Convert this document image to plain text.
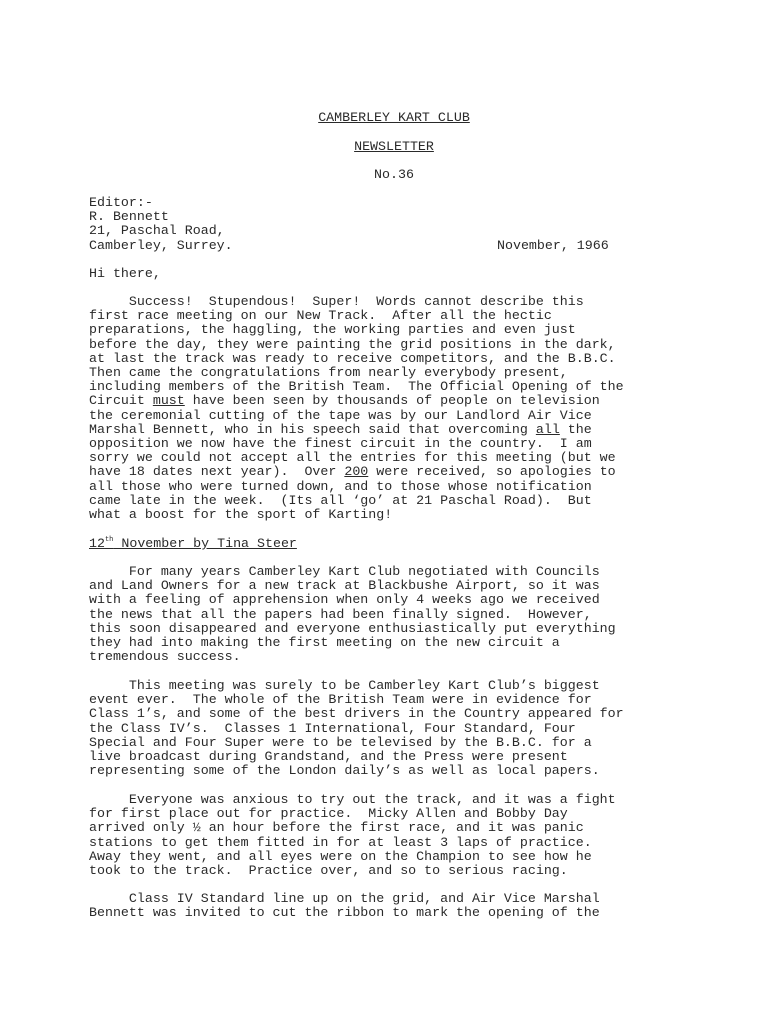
CAMBERLEY KART CLUB
NEWSLETTER
No.36
Editor:-
R. Bennett
21, Paschal Road,
Camberley, Surrey.	November, 1966
Hi there,
Success!  Stupendous!  Super!  Words cannot describe this
first race meeting on our New Track.  After all the hectic
preparations, the haggling, the working parties and even just
before the day, they were painting the grid positions in the dark,
at last the track was ready to receive competitors, and the B.B.C.
Then came the congratulations from nearly everybody present,
including members of the British Team.  The Official Opening of the
Circuit must have been seen by thousands of people on television
the ceremonial cutting of the tape was by our Landlord Air Vice
Marshal Bennett, who in his speech said that overcoming all the
opposition we now have the finest circuit in the country.  I am
sorry we could not accept all the entries for this meeting (but we
have 18 dates next year).  Over 200 were received, so apologies to
all those who were turned down, and to those whose notification
came late in the week.  (Its all ‘go’ at 21 Paschal Road).  But
what a boost for the sport of Karting!
12th November by Tina Steer
For many years Camberley Kart Club negotiated with Councils
and Land Owners for a new track at Blackbushe Airport, so it was
with a feeling of apprehension when only 4 weeks ago we received
the news that all the papers had been finally signed.  However,
this soon disappeared and everyone enthusiastically put everything
they had into making the first meeting on the new circuit a
tremendous success.
This meeting was surely to be Camberley Kart Club’s biggest
event ever.  The whole of the British Team were in evidence for
Class 1’s, and some of the best drivers in the Country appeared for
the Class IV’s.  Classes 1 International, Four Standard, Four
Special and Four Super were to be televised by the B.B.C. for a
live broadcast during Grandstand, and the Press were present
representing some of the London daily’s as well as local papers.
Everyone was anxious to try out the track, and it was a fight
for first place out for practice.  Micky Allen and Bobby Day
arrived only ½ an hour before the first race, and it was panic
stations to get them fitted in for at least 3 laps of practice.
Away they went, and all eyes were on the Champion to see how he
took to the track.  Practice over, and so to serious racing.
Class IV Standard line up on the grid, and Air Vice Marshal
Bennett was invited to cut the ribbon to mark the opening of the
